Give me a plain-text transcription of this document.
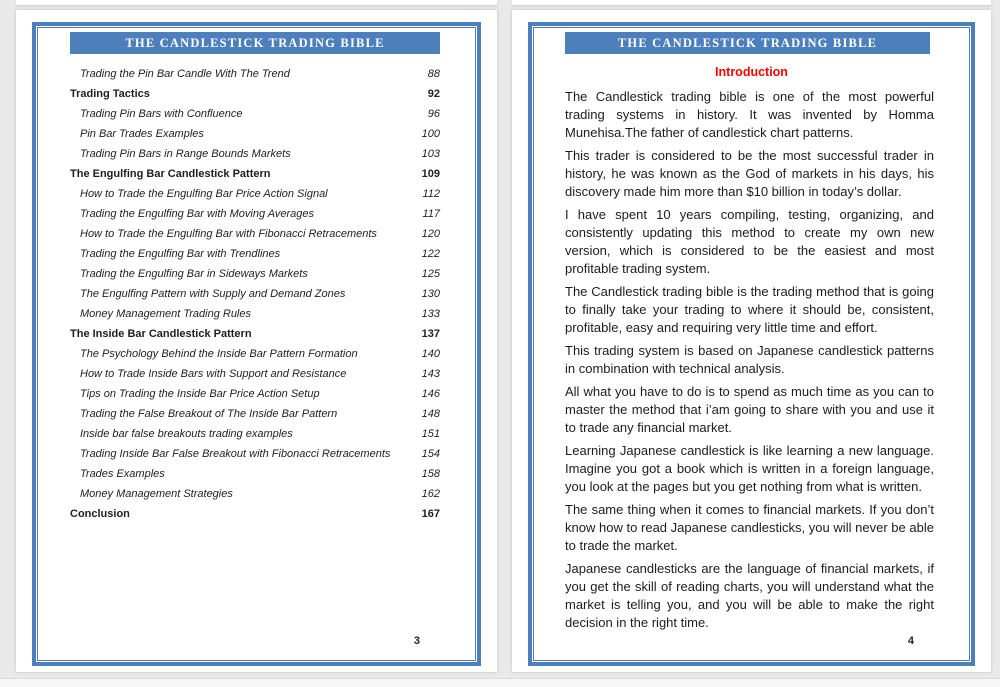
THE CANDLESTICK TRADING BIBLE
Trading the Pin Bar Candle With The Trend	88
Trading Tactics	92
Trading Pin Bars with Confluence	96
Pin Bar Trades Examples	100
Trading Pin Bars in Range Bounds Markets	103
The Engulfing Bar Candlestick Pattern	109
How to Trade the Engulfing Bar Price Action Signal	112
Trading the Engulfing Bar with Moving Averages	117
How to Trade the Engulfing Bar with Fibonacci Retracements	120
Trading the Engulfing Bar with Trendlines	122
Trading the Engulfing Bar in Sideways Markets	125
The Engulfing Pattern with Supply and Demand Zones	130
Money Management Trading Rules	133
The Inside Bar Candlestick Pattern	137
The Psychology Behind the Inside Bar Pattern Formation	140
How to Trade Inside Bars with Support and Resistance	143
Tips on Trading the Inside Bar Price Action Setup	146
Trading the False Breakout of The Inside Bar Pattern	148
Inside bar false breakouts trading examples	151
Trading Inside Bar False Breakout with Fibonacci Retracements	154
Trades Examples	158
Money Management Strategies	162
Conclusion	167
3
THE CANDLESTICK TRADING BIBLE
Introduction

The Candlestick trading bible is one of the most powerful trading systems in history. It was invented by Homma Munehisa.The father of candlestick chart patterns.

This trader is considered to be the most successful trader in history, he was known as the God of markets in his days, his discovery made him more than $10 billion in today’s dollar.

I have spent 10 years compiling, testing, organizing, and consistently updating this method to create my own new version, which is considered to be the easiest and most profitable trading system.

The Candlestick trading bible is the trading method that is going to finally take your trading to where it should be, consistent, profitable, easy and requiring very little time and effort.

This trading system is based on Japanese candlestick patterns in combination with technical analysis.

All what you have to do is to spend as much time as you can to master the method that i’am going to share with you and use it to trade any financial market.

Learning Japanese candlestick is like learning a new language. Imagine you got a book which is written in a foreign language, you look at the pages but you get nothing from what is written.

The same thing when it comes to financial markets. If you don’t know how to read Japanese candlesticks, you will never be able to trade the market.

Japanese candlesticks are the language of financial markets, if you get the skill of reading charts, you will understand what the market is telling you, and you will be able to make the right decision in the right time.

4
